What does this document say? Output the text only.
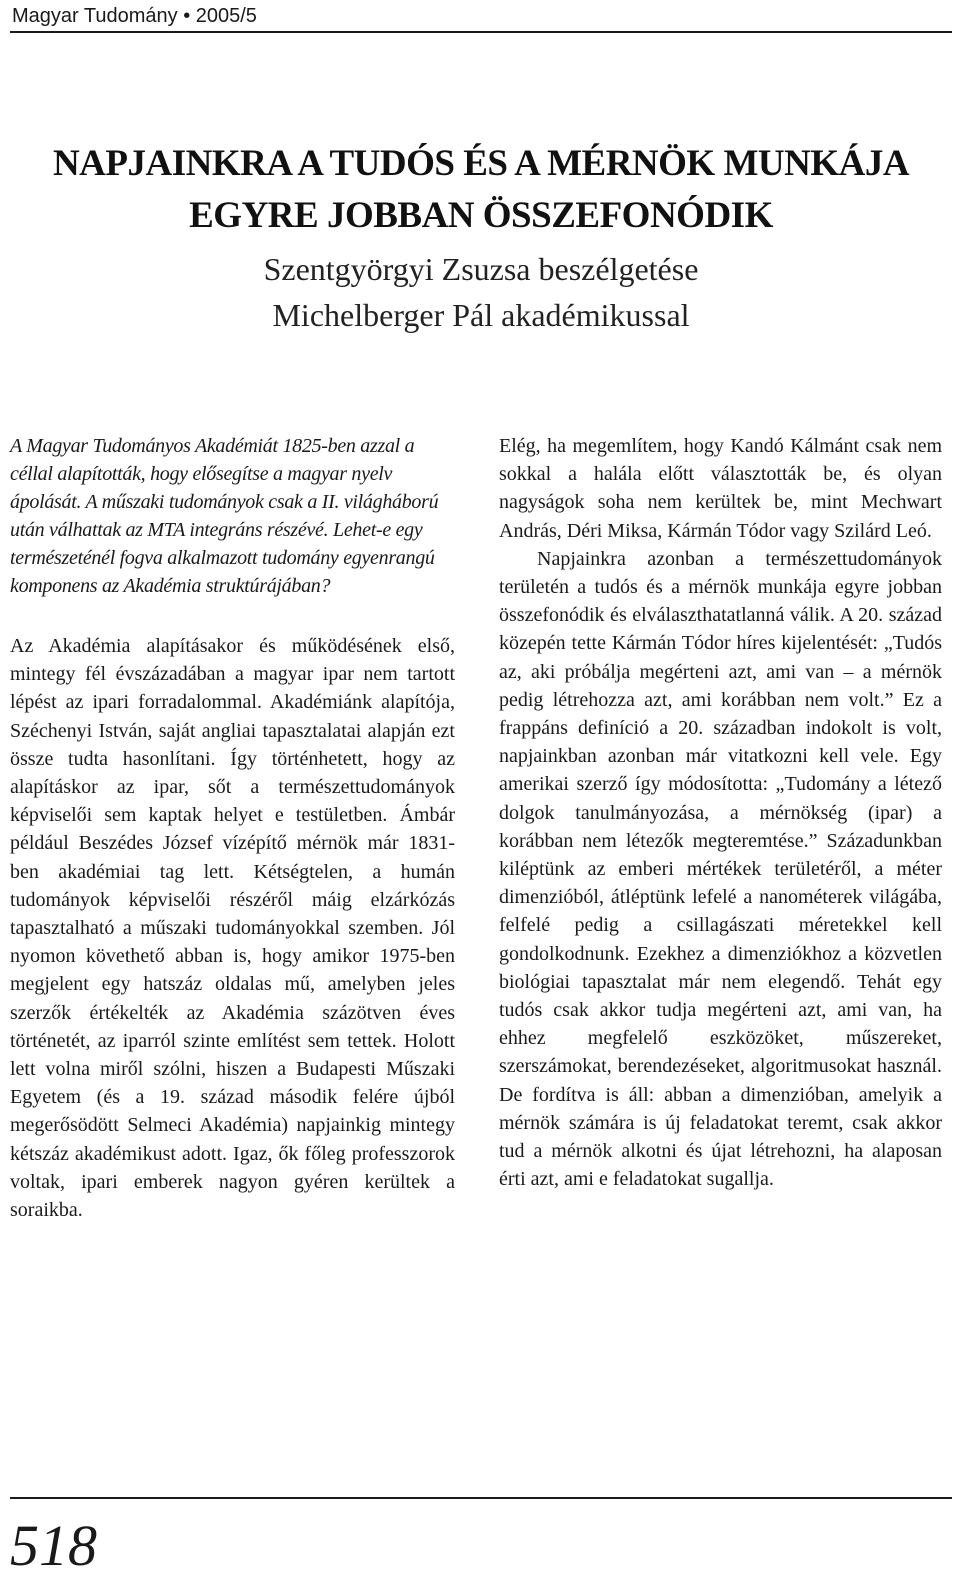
Magyar Tudomány • 2005/5
NAPJAINKRA A TUDÓS ÉS A MÉRNÖK MUNKÁJA
EGYRE JOBBAN ÖSSZEFONÓDIK
Szentgyörgyi Zsuzsa beszélgetése
Michelberger Pál akadémikussal

A Magyar Tudományos Akadémiát 1825-ben azzal a céllal alapították, hogy elősegítse a magyar nyelv ápolását. A műszaki tudományok csak a II. világháború után válhattak az MTA integráns részévé. Lehet-e egy természeténél fogva alkalmazott tudomány egyenrangú komponens az Akadémia struktúrájában?

Az Akadémia alapításakor és működésének első, mintegy fél évszázadában a magyar ipar nem tartott lépést az ipari forradalommal. Akadémiánk alapítója, Széchenyi István, saját angliai tapasztalatai alapján ezt össze tudta hasonlítani. Így történhetett, hogy az alapításkor az ipar, sőt a természettudományok képviselői sem kaptak helyet e testületben. Ámbár például Beszédes József vízépítő mérnök már 1831-ben akadémiai tag lett. Kétségtelen, a humán tudományok képviselői részéről máig elzárkózás tapasztalható a műszaki tudományokkal szemben. Jól nyomon követhető abban is, hogy amikor 1975-ben megjelent egy hatszáz oldalas mű, amelyben jeles szerzők értékelték az Akadémia százötven éves történetét, az iparról szinte említést sem tettek. Holott lett volna miről szólni, hiszen a Budapesti Műszaki Egyetem (és a 19. század második felére újból megerősödött Selmeci Akadémia) napjainkig mintegy kétszáz akadémikust adott. Igaz, ők főleg professzorok voltak, ipari emberek nagyon gyéren kerültek a soraikba.

Elég, ha megemlítem, hogy Kandó Kálmánt csak nem sokkal a halála előtt választották be, és olyan nagyságok soha nem kerültek be, mint Mechwart András, Déri Miksa, Kármán Tódor vagy Szilárd Leó.

Napjainkra azonban a természettudományok területén a tudós és a mérnök munkája egyre jobban összefonódik és elválaszthatatlanná válik. A 20. század közepén tette Kármán Tódor híres kijelentését: „Tudós az, aki próbálja megérteni azt, ami van – a mérnök pedig létrehozza azt, ami korábban nem volt.” Ez a frappáns definíció a 20. században indokolt is volt, napjainkban azonban már vitatkozni kell vele. Egy amerikai szerző így módosította: „Tudomány a létező dolgok tanulmányozása, a mérnökség (ipar) a korábban nem létezők megteremtése.” Századunkban kiléptünk az emberi mértékek területéről, a méter dimenzióból, átléptünk lefelé a nanométerek világába, felfelé pedig a csillagászati méretekkel kell gondolkodnunk. Ezekhez a dimenziókhoz a közvetlen biológiai tapasztalat már nem elegendő. Tehát egy tudós csak akkor tudja megérteni azt, ami van, ha ehhez megfelelő eszközöket, műszereket, szerszámokat, berendezéseket, algoritmusokat használ. De fordítva is áll: abban a dimenzióban, amelyik a mérnök számára is új feladatokat teremt, csak akkor tud a mérnök alkotni és újat létrehozni, ha alaposan érti azt, ami e feladatokat sugallja.

518
